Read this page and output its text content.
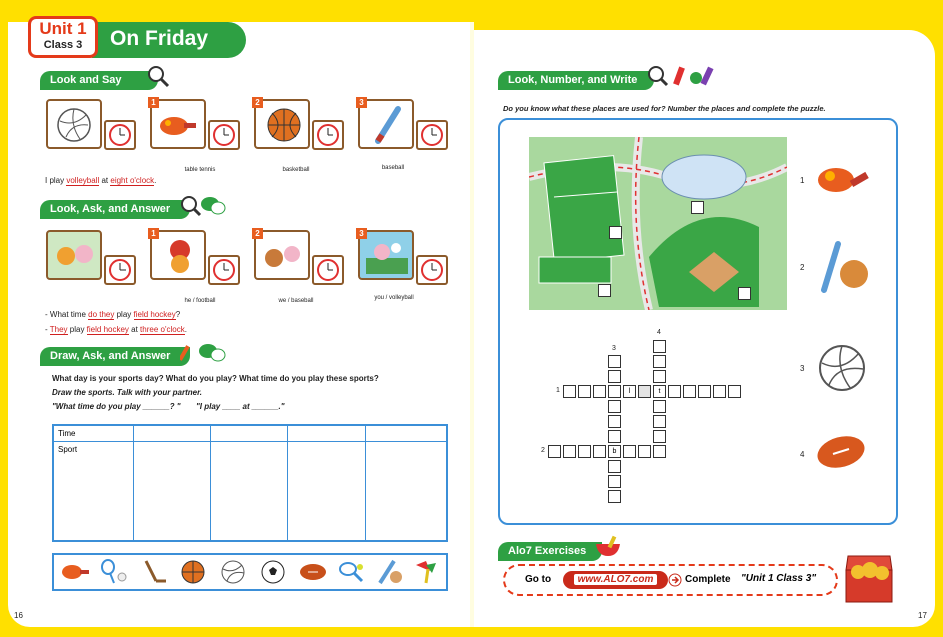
On Friday
Unit 1
Class 3
Look and Say
1
table tennis
2
basketball
3
baseball
I play volleyball at eight o'clock.
Look, Ask, and Answer
1
he / football
2
we / baseball
3
you / volleyball
- What time do they play field hockey?
- They play field hockey at three o'clock.
Draw, Ask, and Answer
What day is your sports day? What do you play? What time do you play these sports?
Draw the sports. Talk with your partner.
"What time do you play ______? " "I play ____ at ______."
Time				
Sport				
16
Look, Number, and Write
Do you know what these places are used for? Number the places and complete the puzzle.
1
2
3
4
l	t
b
1
2
3
4
Alo7 Exercises
Go to	www.ALO7.com	Complete "Unit 1 Class 3"
17
